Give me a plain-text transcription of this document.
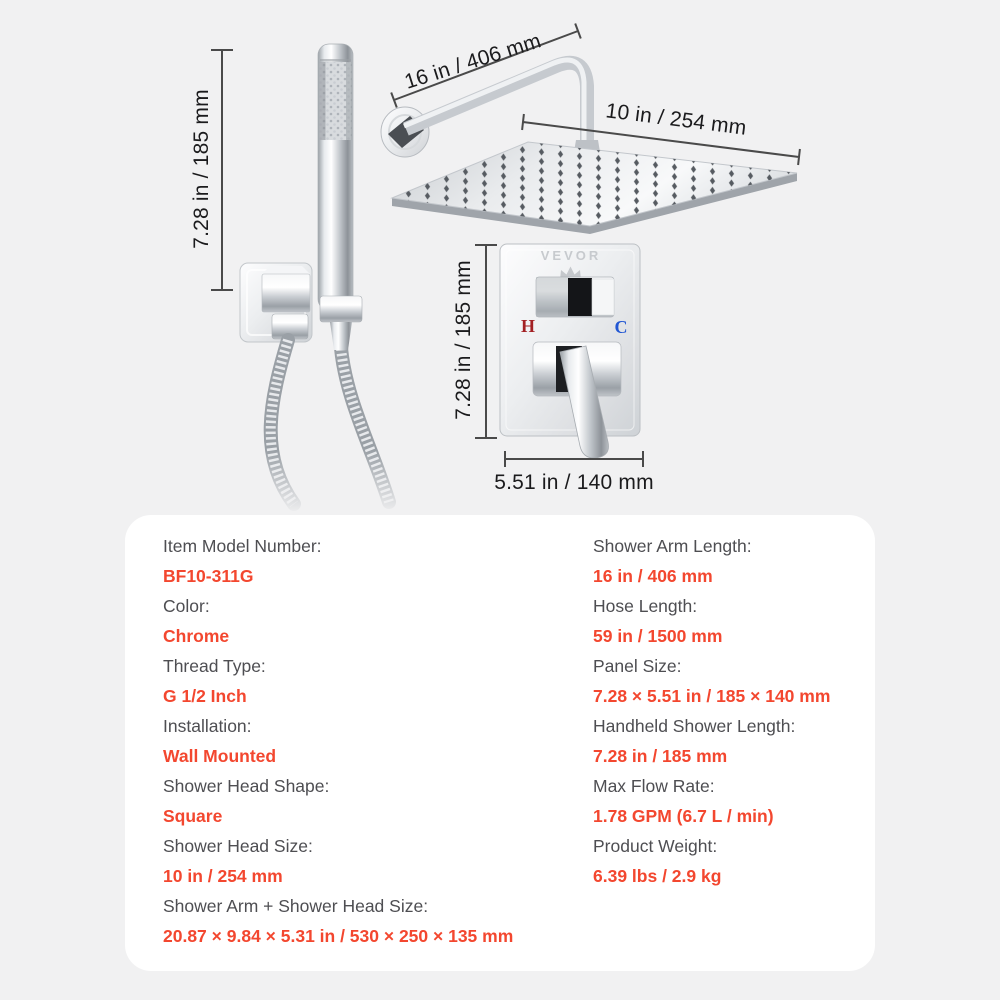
7.28 in / 185 mm
16 in / 406 mm
10 in / 254 mm
7.28 in / 185 mm
5.51 in / 140 mm
VEVOR
H	C
Item Model Number:
BF10-311G
Color:
Chrome
Thread Type:
G 1/2 Inch
Installation:
Wall Mounted
Shower Head Shape:
Square
Shower Head Size:
10 in / 254 mm
Shower Arm + Shower Head Size:
20.87 × 9.84 × 5.31 in / 530 × 250 × 135 mm
Shower Arm Length:
16 in / 406 mm
Hose Length:
59 in / 1500 mm
Panel Size:
7.28 × 5.51 in / 185 × 140 mm
Handheld Shower Length:
7.28 in / 185 mm
Max Flow Rate:
1.78 GPM (6.7 L / min)
Product Weight:
6.39 lbs / 2.9 kg
